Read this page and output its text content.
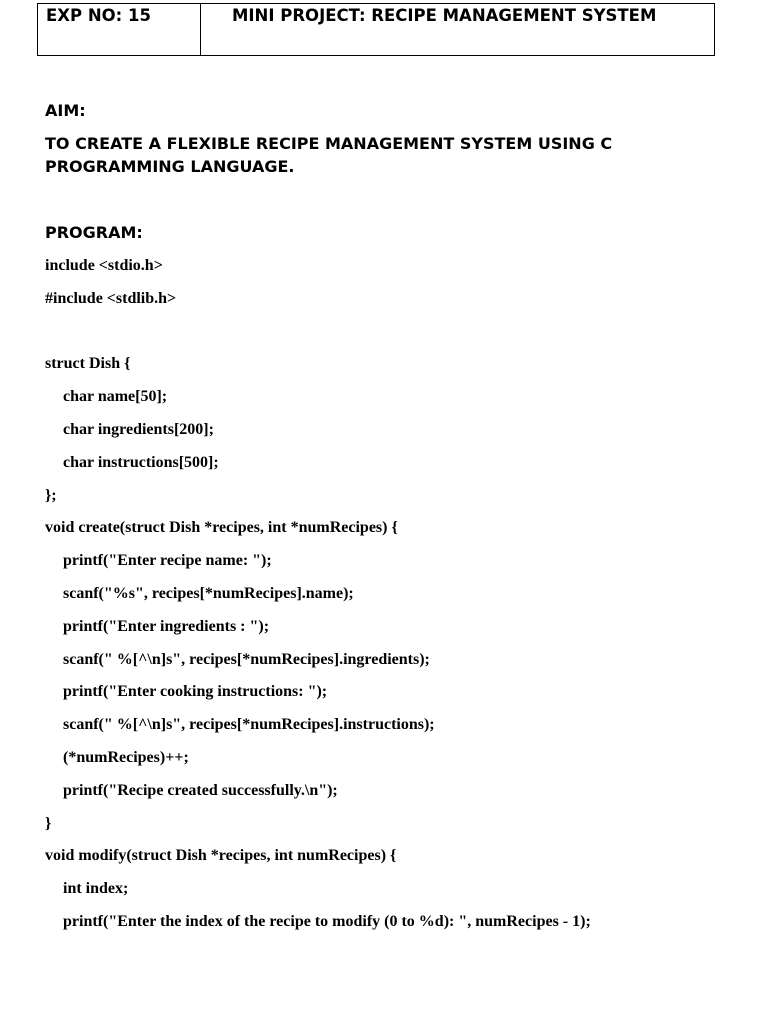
EXP NO: 15	MINI PROJECT: RECIPE MANAGEMENT SYSTEM
AIM:
TO CREATE A FLEXIBLE RECIPE MANAGEMENT SYSTEM USING C
PROGRAMMING LANGUAGE.
PROGRAM:
include <stdio.h>
#include <stdlib.h>
struct Dish {
char name[50];
char ingredients[200];
char instructions[500];
};
void create(struct Dish *recipes, int *numRecipes) {
printf("Enter recipe name: ");
scanf("%s", recipes[*numRecipes].name);
printf("Enter ingredients : ");
scanf(" %[^\n]s", recipes[*numRecipes].ingredients);
printf("Enter cooking instructions: ");
scanf(" %[^\n]s", recipes[*numRecipes].instructions);
(*numRecipes)++;
printf("Recipe created successfully.\n");
}
void modify(struct Dish *recipes, int numRecipes) {
int index;
printf("Enter the index of the recipe to modify (0 to %d): ", numRecipes - 1);
